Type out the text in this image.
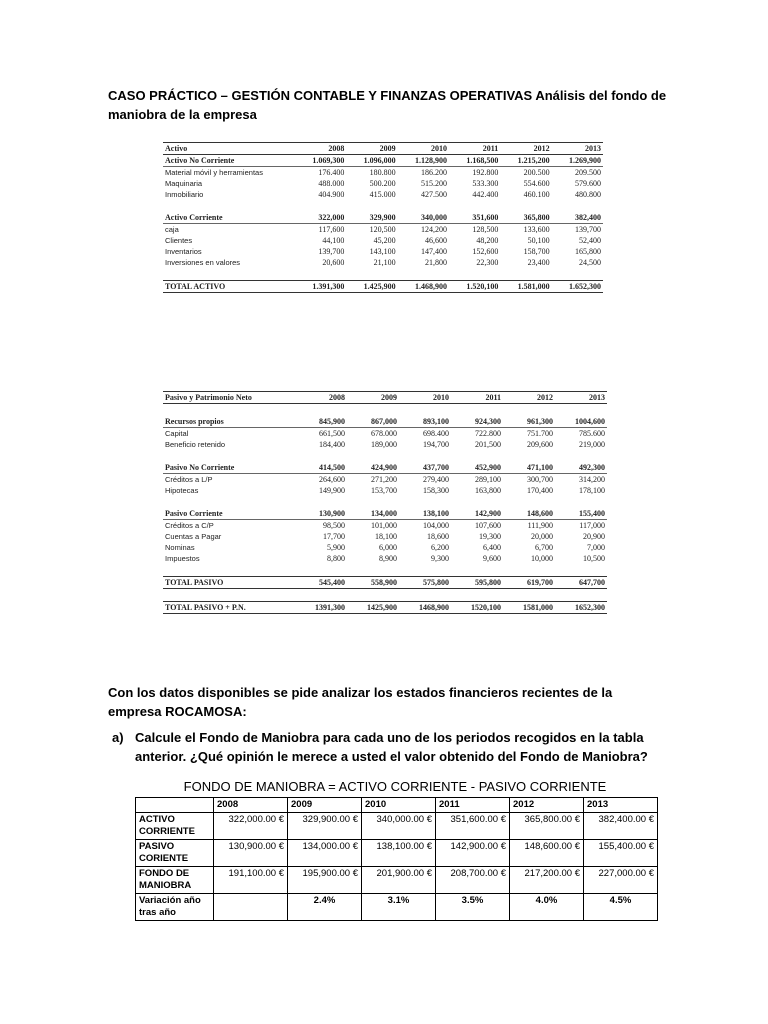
CASO PRÁCTICO – GESTIÓN CONTABLE Y FINANZAS OPERATIVAS Análisis del fondo de maniobra de la empresa
Activo	2008	2009	2010	2011	2012	2013
Activo No Corriente	1.069,300	1.096,000	1.128,900	1.168,500	1.215,200	1.269,900
Material móvil y herramientas	176.400	180.800	186.200	192.800	200.500	209.500
Maquinaria	488.000	500.200	515.200	533.300	554.600	579.600
Inmobiliario	404.900	415.000	427.500	442.400	460.100	480.800

Activo Corriente	322,000	329,900	340,000	351,600	365,800	382,400
caja	117,600	120,500	124,200	128,500	133,600	139,700
Clientes	44,100	45,200	46,600	48,200	50,100	52,400
Inventarios	139,700	143,100	147,400	152,600	158,700	165,800
Inversiones en valores	20,600	21,100	21,800	22,300	23,400	24,500

TOTAL ACTIVO	1.391,300	1.425,900	1.468,900	1.520,100	1.581,000	1.652,300
Pasivo y Patrimonio Neto	2008	2009	2010	2011	2012	2013

Recursos propios	845,900	867,000	893,100	924,300	961,300	1004,600
Capital	661,500	678.000	698.400	722.800	751.700	785.600
Beneficio retenido	184,400	189,000	194,700	201,500	209,600	219,000

Pasivo No Corriente	414,500	424,900	437,700	452,900	471,100	492,300
Créditos a L/P	264,600	271,200	279,400	289,100	300,700	314,200
Hipotecas	149,900	153,700	158,300	163,800	170,400	178,100

Pasivo Corriente	130,900	134,000	138,100	142,900	148,600	155,400
Créditos a C/P	98,500	101,000	104,000	107,600	111,900	117,000
Cuentas a Pagar	17,700	18,100	18,600	19,300	20,000	20,900
Nominas	5,900	6,000	6,200	6,400	6,700	7,000
Impuestos	8,800	8,900	9,300	9,600	10,000	10,500

TOTAL PASIVO	545,400	558,900	575,800	595,800	619,700	647,700

TOTAL PASIVO + P.N.	1391,300	1425,900	1468,900	1520,100	1581,000	1652,300
Con los datos disponibles se pide analizar los estados financieros recientes de la empresa ROCAMOSA:
a) Calcule el Fondo de Maniobra para cada uno de los periodos recogidos en la tabla anterior. ¿Qué opinión le merece a usted el valor obtenido del Fondo de Maniobra?
FONDO DE MANIOBRA = ACTIVO CORRIENTE - PASIVO CORRIENTE
	2008	2009	2010	2011	2012	2013
ACTIVO CORRIENTE	322,000.00 €	329,900.00 €	340,000.00 €	351,600.00 €	365,800.00 €	382,400.00 €
PASIVO CORIENTE	130,900.00 €	134,000.00 €	138,100.00 €	142,900.00 €	148,600.00 €	155,400.00 €
FONDO DE MANIOBRA	191,100.00 €	195,900.00 €	201,900.00 €	208,700.00 €	217,200.00 €	227,000.00 €
Variación año tras año		2.4%	3.1%	3.5%	4.0%	4.5%
